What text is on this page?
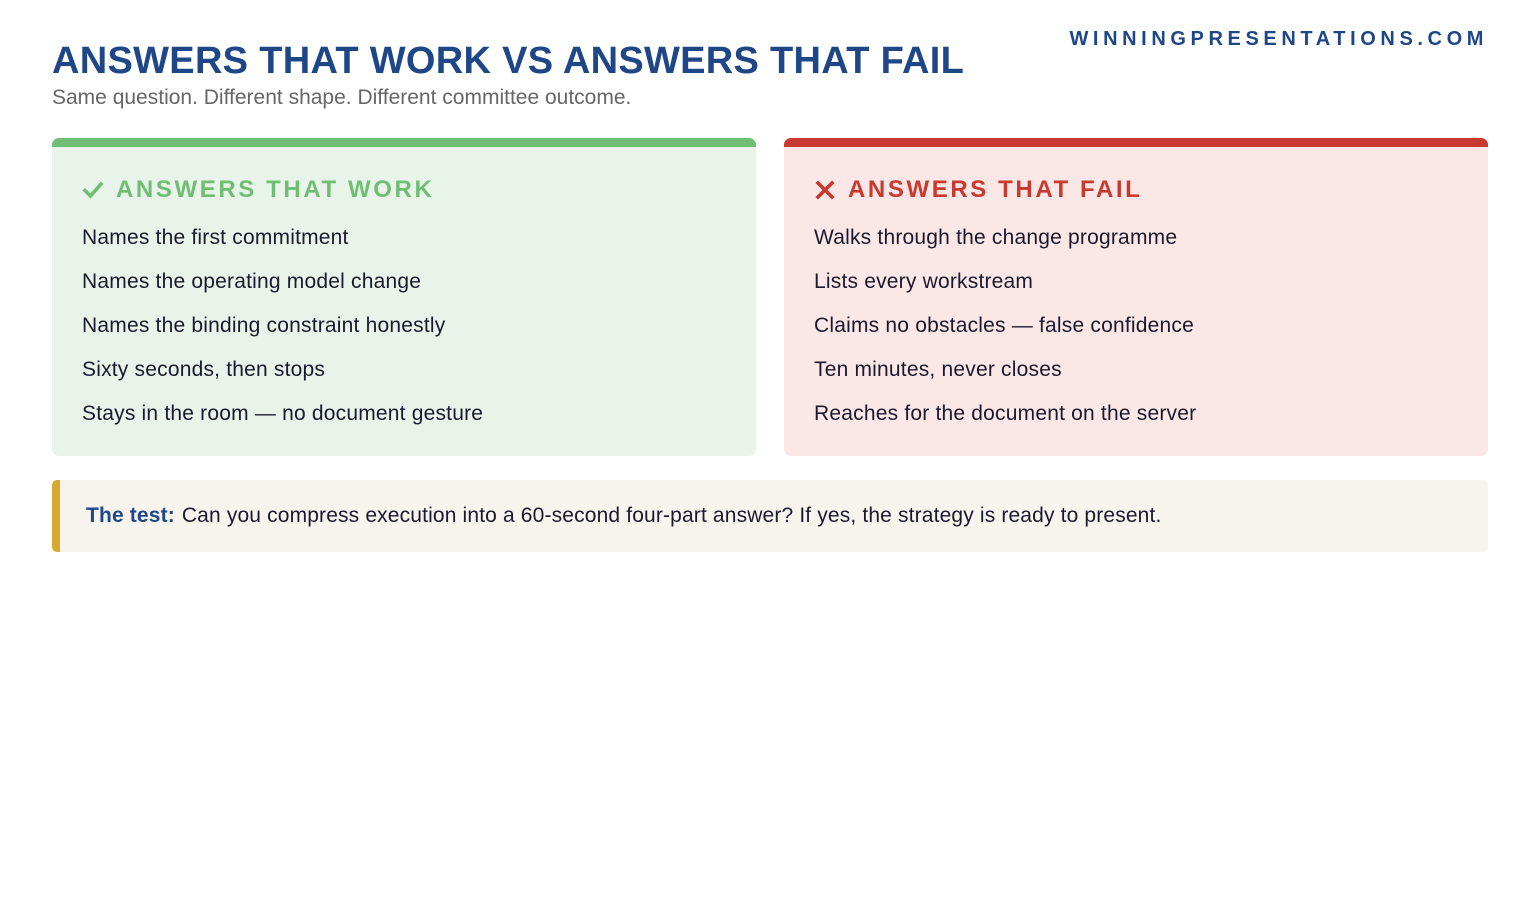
WINNINGPRESENTATIONS.COM

ANSWERS THAT WORK VS ANSWERS THAT FAIL

Same question. Different shape. Different committee outcome.

ANSWERS THAT WORK
Names the first commitment
Names the operating model change
Names the binding constraint honestly
Sixty seconds, then stops
Stays in the room — no document gesture
ANSWERS THAT FAIL
Walks through the change programme
Lists every workstream
Claims no obstacles — false confidence
Ten minutes, never closes
Reaches for the document on the server
The test: Can you compress execution into a 60-second four-part answer? If yes, the strategy is ready to present.
